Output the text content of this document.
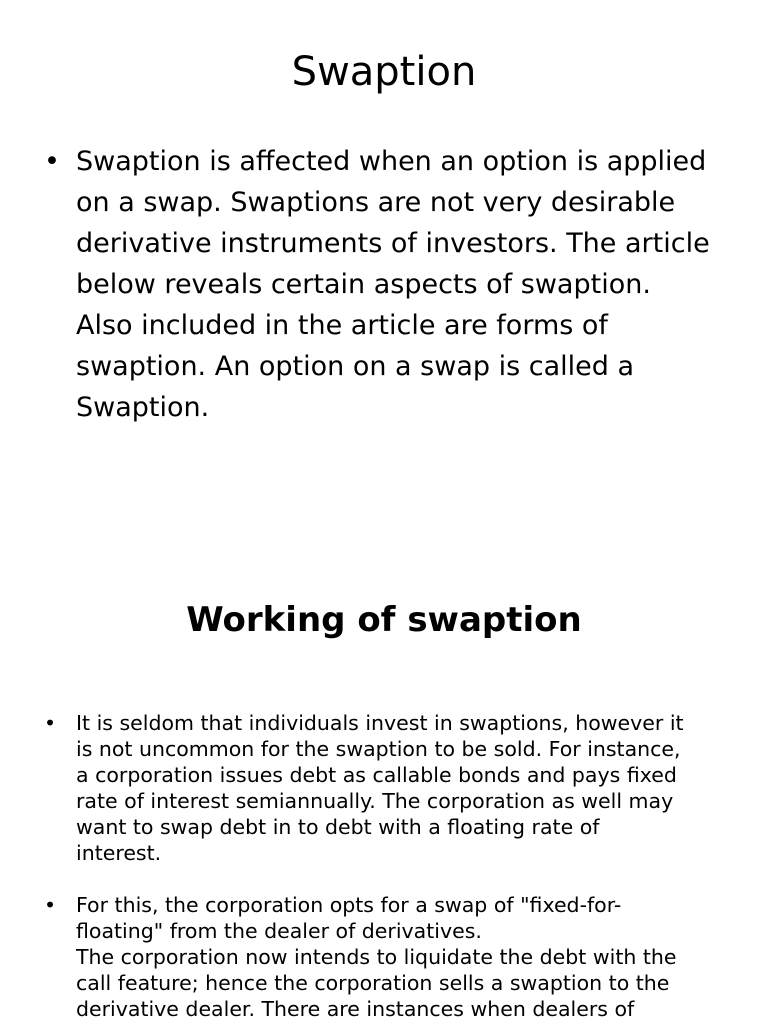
Swaption
• Swaption is affected when an option is applied
on a swap. Swaptions are not very desirable
derivative instruments of investors. The article
below reveals certain aspects of swaption.
Also included in the article are forms of
swaption. An option on a swap is called a
Swaption.
Working of swaption
• It is seldom that individuals invest in swaptions, however it
is not uncommon for the swaption to be sold. For instance,
a corporation issues debt as callable bonds and pays fixed
rate of interest semiannually. The corporation as well may
want to swap debt in to debt with a floating rate of
interest.
• For this, the corporation opts for a swap of "fixed-for-
floating" from the dealer of derivatives.
The corporation now intends to liquidate the debt with the
call feature; hence the corporation sells a swaption to the
derivative dealer. There are instances when dealers of
